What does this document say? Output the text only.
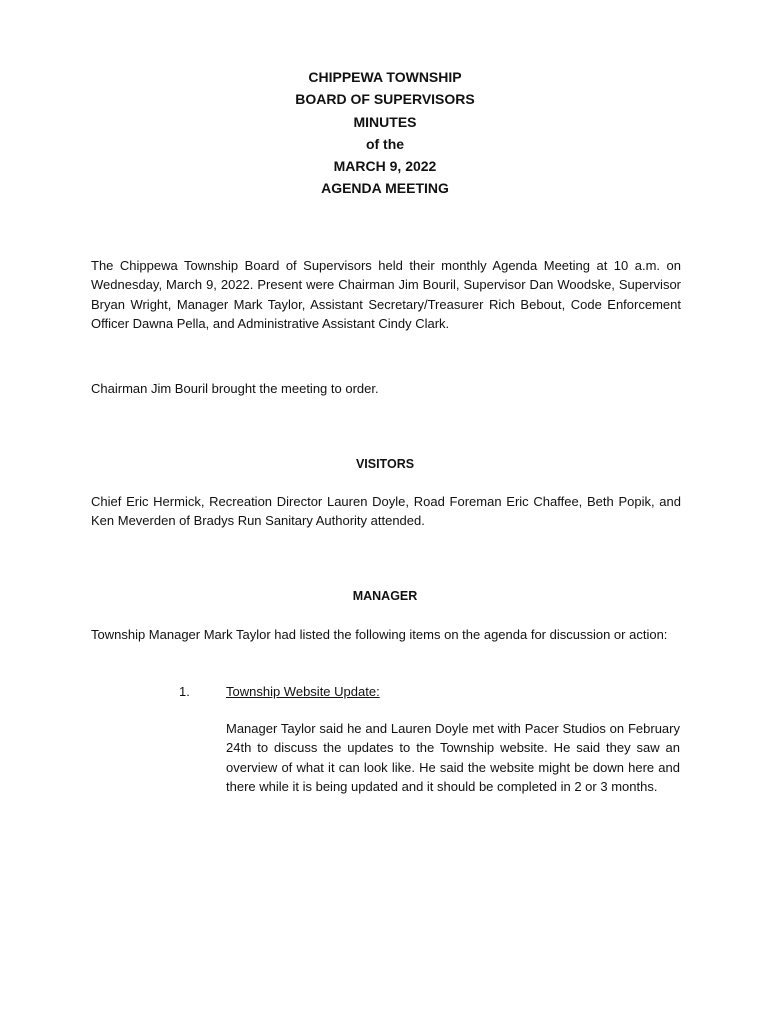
CHIPPEWA TOWNSHIP
BOARD OF SUPERVISORS
MINUTES
of the
MARCH 9, 2022
AGENDA MEETING

The Chippewa Township Board of Supervisors held their monthly Agenda Meeting at 10 a.m. on Wednesday, March 9, 2022. Present were Chairman Jim Bouril, Supervisor Dan Woodske, Supervisor Bryan Wright, Manager Mark Taylor, Assistant Secretary/Treasurer Rich Bebout, Code Enforcement Officer Dawna Pella, and Administrative Assistant Cindy Clark.

Chairman Jim Bouril brought the meeting to order.

VISITORS

Chief Eric Hermick, Recreation Director Lauren Doyle, Road Foreman Eric Chaffee, Beth Popik, and Ken Meverden of Bradys Run Sanitary Authority attended.

MANAGER

Township Manager Mark Taylor had listed the following items on the agenda for discussion or action:

1.	Township Website Update:

Manager Taylor said he and Lauren Doyle met with Pacer Studios on February 24th to discuss the updates to the Township website. He said they saw an overview of what it can look like. He said the website might be down here and there while it is being updated and it should be completed in 2 or 3 months.
